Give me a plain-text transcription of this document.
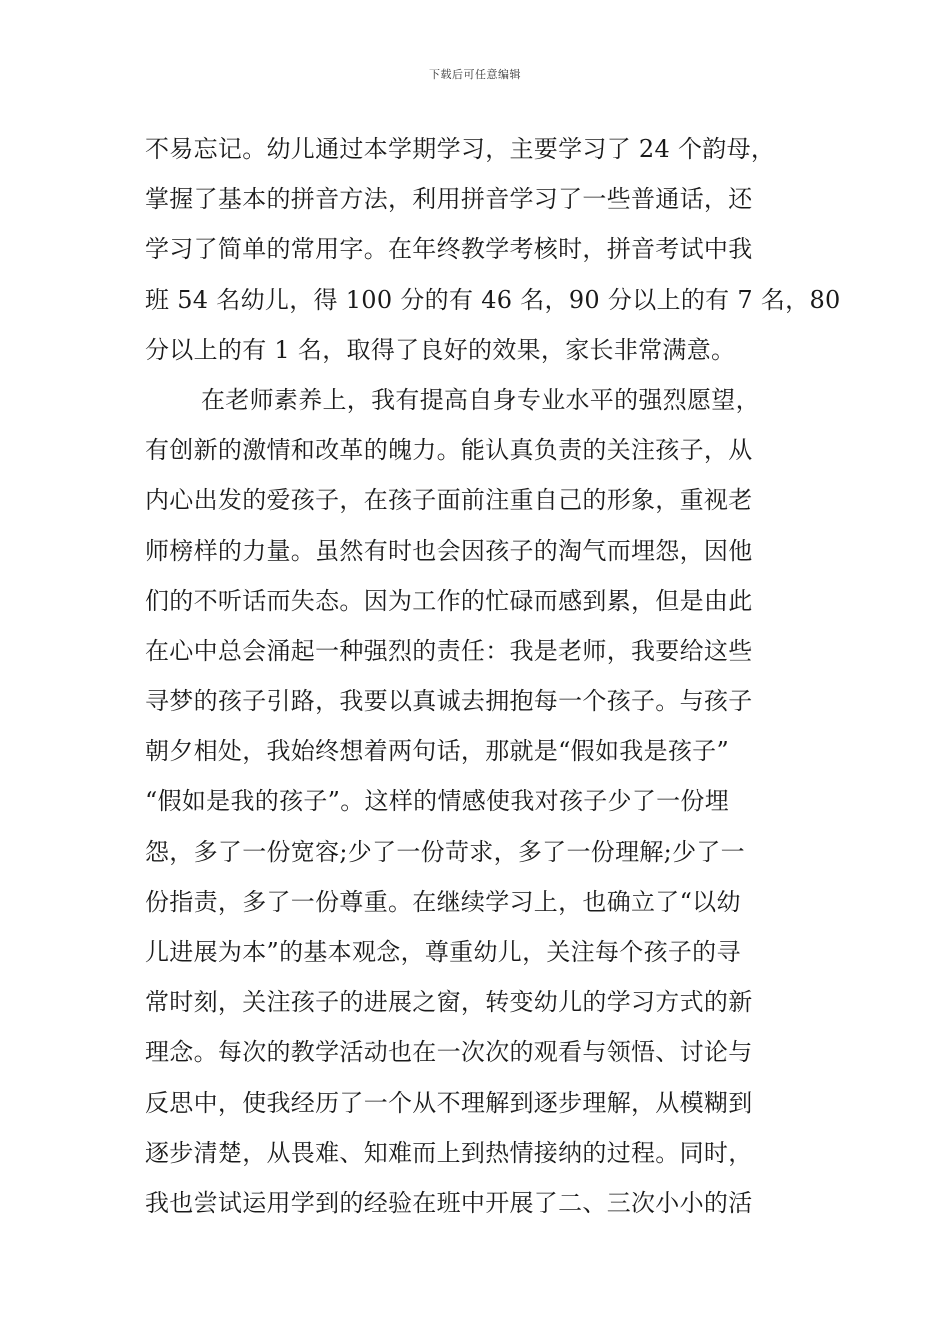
下载后可任意编辑
不易忘记。幼儿通过本学期学习，主要学习了 24 个韵母，
掌握了基本的拼音方法，利用拼音学习了一些普通话，还
学习了简单的常用字。在年终教学考核时，拼音考试中我
班 54 名幼儿，得 100 分的有 46 名，90 分以上的有 7 名，80
分以上的有 1 名，取得了良好的效果，家长非常满意。
在老师素养上，我有提高自身专业水平的强烈愿望，
有创新的激情和改革的魄力。能认真负责的关注孩子，从
内心出发的爱孩子，在孩子面前注重自己的形象，重视老
师榜样的力量。虽然有时也会因孩子的淘气而埋怨，因他
们的不听话而失态。因为工作的忙碌而感到累，但是由此
在心中总会涌起一种强烈的责任：我是老师，我要给这些
寻梦的孩子引路，我要以真诚去拥抱每一个孩子。与孩子
朝夕相处，我始终想着两句话，那就是“假如我是孩子”
“假如是我的孩子”。这样的情感使我对孩子少了一份埋
怨，多了一份宽容;少了一份苛求，多了一份理解;少了一
份指责，多了一份尊重。在继续学习上，也确立了“以幼
儿进展为本”的基本观念，尊重幼儿，关注每个孩子的寻
常时刻，关注孩子的进展之窗，转变幼儿的学习方式的新
理念。每次的教学活动也在一次次的观看与领悟、讨论与
反思中，使我经历了一个从不理解到逐步理解，从模糊到
逐步清楚，从畏难、知难而上到热情接纳的过程。同时，
我也尝试运用学到的经验在班中开展了二、三次小小的活
